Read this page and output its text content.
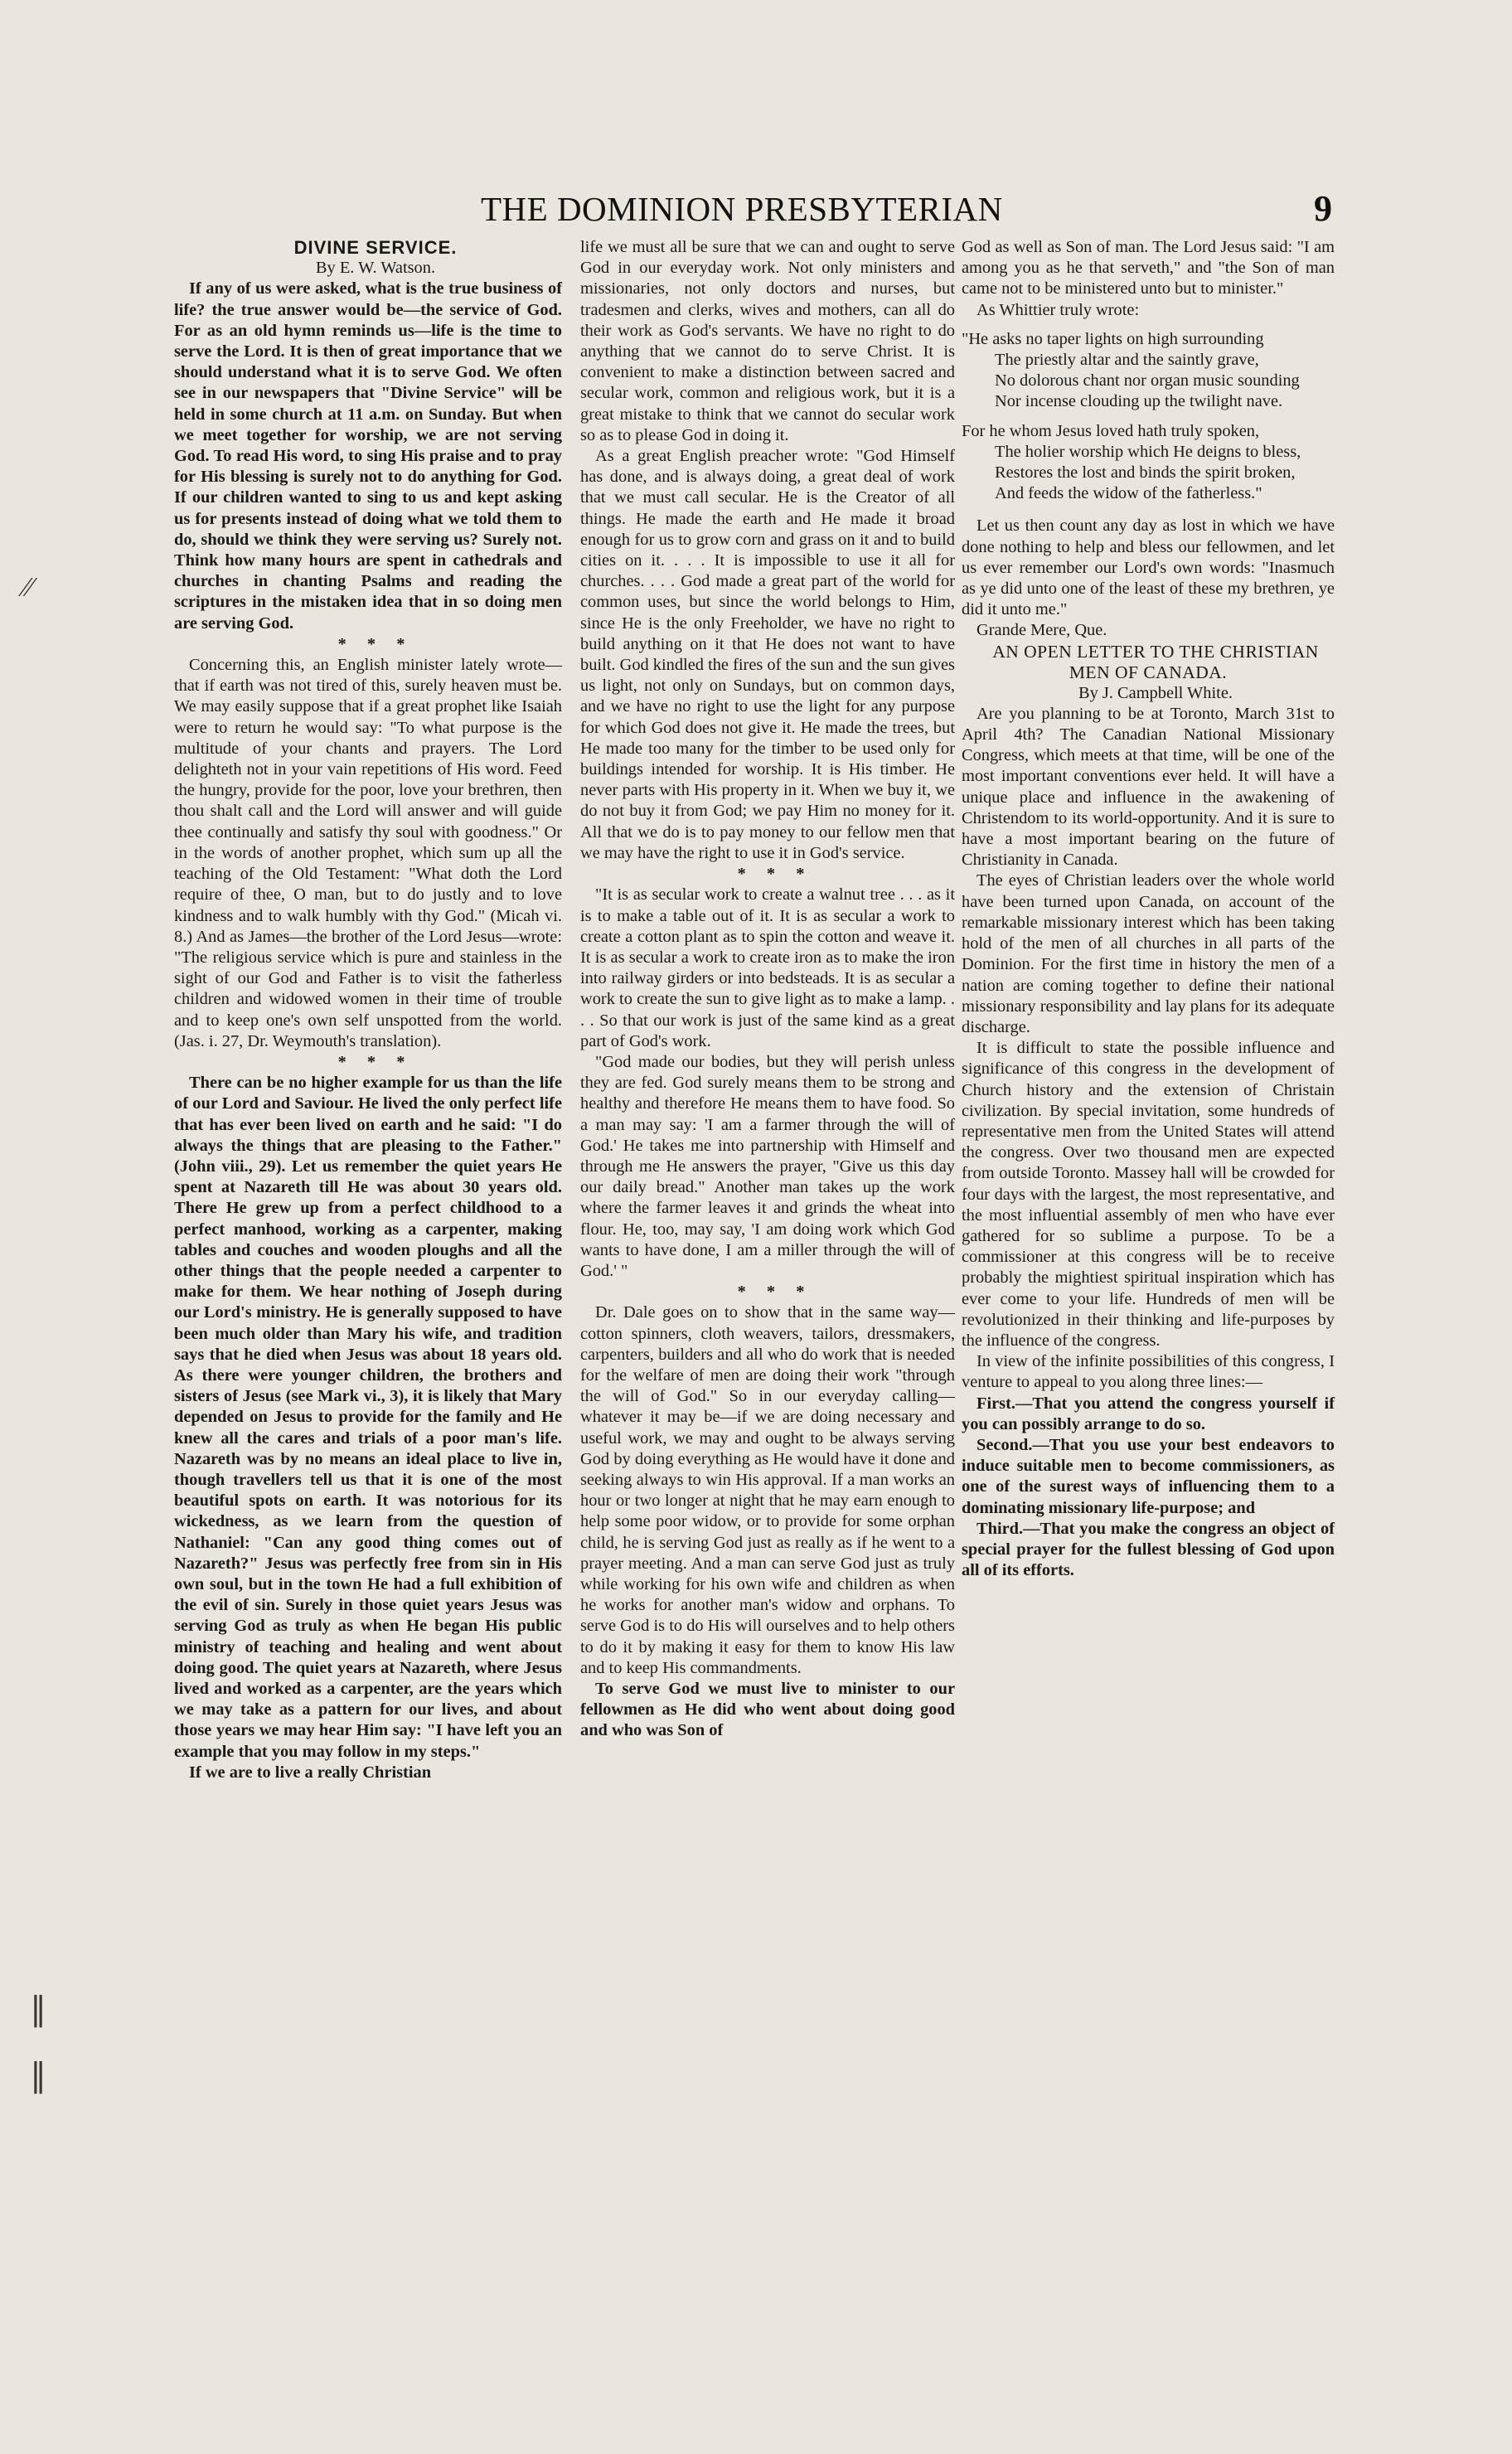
THE DOMINION PRESBYTERIAN	9
⁄⁄
∥
∥

DIVINE SERVICE.

By E. W. Watson.

If any of us were asked, what is the true business of life? the true answer would be—the service of God. For as an old hymn reminds us—life is the time to serve the Lord. It is then of great importance that we should understand what it is to serve God. We often see in our newspapers that "Divine Service" will be held in some church at 11 a.m. on Sunday. But when we meet together for worship, we are not serving God. To read His word, to sing His praise and to pray for His blessing is surely not to do anything for God. If our children wanted to sing to us and kept asking us for presents instead of doing what we told them to do, should we think they were serving us? Surely not. Think how many hours are spent in cathedrals and churches in chanting Psalms and reading the scriptures in the mistaken idea that in so doing men are serving God.

* * *

Concerning this, an English minister lately wrote—that if earth was not tired of this, surely heaven must be. We may easily suppose that if a great prophet like Isaiah were to return he would say: "To what purpose is the multitude of your chants and prayers. The Lord delighteth not in your vain repetitions of His word. Feed the hungry, provide for the poor, love your brethren, then thou shalt call and the Lord will answer and will guide thee continually and satisfy thy soul with goodness." Or in the words of another prophet, which sum up all the teaching of the Old Testament: "What doth the Lord require of thee, O man, but to do justly and to love kindness and to walk humbly with thy God." (Micah vi. 8.) And as James—the brother of the Lord Jesus—wrote: "The religious service which is pure and stainless in the sight of our God and Father is to visit the fatherless children and widowed women in their time of trouble and to keep one's own self unspotted from the world. (Jas. i. 27, Dr. Weymouth's translation).

* * *

There can be no higher example for us than the life of our Lord and Saviour. He lived the only perfect life that has ever been lived on earth and he said: "I do always the things that are pleasing to the Father." (John viii., 29). Let us remember the quiet years He spent at Nazareth till He was about 30 years old. There He grew up from a perfect childhood to a perfect manhood, working as a carpenter, making tables and couches and wooden ploughs and all the other things that the people needed a carpenter to make for them. We hear nothing of Joseph during our Lord's ministry. He is generally supposed to have been much older than Mary his wife, and tradition says that he died when Jesus was about 18 years old. As there were younger children, the brothers and sisters of Jesus (see Mark vi., 3), it is likely that Mary depended on Jesus to provide for the family and He knew all the cares and trials of a poor man's life. Nazareth was by no means an ideal place to live in, though travellers tell us that it is one of the most beautiful spots on earth. It was notorious for its wickedness, as we learn from the question of Nathaniel: "Can any good thing comes out of Nazareth?" Jesus was perfectly free from sin in His own soul, but in the town He had a full exhibition of the evil of sin. Surely in those quiet years Jesus was serving God as truly as when He began His public ministry of teaching and healing and went about doing good. The quiet years at Nazareth, where Jesus lived and worked as a carpenter, are the years which we may take as a pattern for our lives, and about those years we may hear Him say: "I have left you an example that you may follow in my steps."

If we are to live a really Christian

life we must all be sure that we can and ought to serve God in our everyday work. Not only ministers and missionaries, not only doctors and nurses, but tradesmen and clerks, wives and mothers, can all do their work as God's servants. We have no right to do anything that we cannot do to serve Christ. It is convenient to make a distinction between sacred and secular work, common and religious work, but it is a great mistake to think that we cannot do secular work so as to please God in doing it.

As a great English preacher wrote: "God Himself has done, and is always doing, a great deal of work that we must call secular. He is the Creator of all things. He made the earth and He made it broad enough for us to grow corn and grass on it and to build cities on it. . . . It is impossible to use it all for churches. . . . God made a great part of the world for common uses, but since the world belongs to Him, since He is the only Freeholder, we have no right to build anything on it that He does not want to have built. God kindled the fires of the sun and the sun gives us light, not only on Sundays, but on common days, and we have no right to use the light for any purpose for which God does not give it. He made the trees, but He made too many for the timber to be used only for buildings intended for worship. It is His timber. He never parts with His property in it. When we buy it, we do not buy it from God; we pay Him no money for it. All that we do is to pay money to our fellow men that we may have the right to use it in God's service.

* * *

"It is as secular work to create a walnut tree . . . as it is to make a table out of it. It is as secular a work to create a cotton plant as to spin the cotton and weave it. It is as secular a work to create iron as to make the iron into railway girders or into bedsteads. It is as secular a work to create the sun to give light as to make a lamp. . . . So that our work is just of the same kind as a great part of God's work.

"God made our bodies, but they will perish unless they are fed. God surely means them to be strong and healthy and therefore He means them to have food. So a man may say: 'I am a farmer through the will of God.' He takes me into partnership with Himself and through me He answers the prayer, "Give us this day our daily bread." Another man takes up the work where the farmer leaves it and grinds the wheat into flour. He, too, may say, 'I am doing work which God wants to have done, I am a miller through the will of God.' "

* * *

Dr. Dale goes on to show that in the same way—cotton spinners, cloth weavers, tailors, dressmakers, carpenters, builders and all who do work that is needed for the welfare of men are doing their work "through the will of God." So in our everyday calling—whatever it may be—if we are doing necessary and useful work, we may and ought to be always serving God by doing everything as He would have it done and seeking always to win His approval. If a man works an hour or two longer at night that he may earn enough to help some poor widow, or to provide for some orphan child, he is serving God just as really as if he went to a prayer meeting. And a man can serve God just as truly while working for his own wife and children as when he works for another man's widow and orphans. To serve God is to do His will ourselves and to help others to do it by making it easy for them to know His law and to keep His commandments.

To serve God we must live to minister to our fellowmen as He did who went about doing good and who was Son of

God as well as Son of man. The Lord Jesus said: "I am among you as he that serveth," and "the Son of man came not to be ministered unto but to minister."

As Whittier truly wrote:

"He asks no taper lights on high surrounding

The priestly altar and the saintly grave,

No dolorous chant nor organ music sounding

Nor incense clouding up the twilight nave.

For he whom Jesus loved hath truly spoken,

The holier worship which He deigns to bless,

Restores the lost and binds the spirit broken,

And feeds the widow of the fatherless."

Let us then count any day as lost in which we have done nothing to help and bless our fellowmen, and let us ever remember our Lord's own words: "Inasmuch as ye did unto one of the least of these my brethren, ye did it unto me."

Grande Mere, Que.

AN OPEN LETTER TO THE CHRISTIAN MEN OF CANADA.

By J. Campbell White.

Are you planning to be at Toronto, March 31st to April 4th? The Canadian National Missionary Congress, which meets at that time, will be one of the most important conventions ever held. It will have a unique place and influence in the awakening of Christendom to its world-opportunity. And it is sure to have a most important bearing on the future of Christianity in Canada.

The eyes of Christian leaders over the whole world have been turned upon Canada, on account of the remarkable missionary interest which has been taking hold of the men of all churches in all parts of the Dominion. For the first time in history the men of a nation are coming together to define their national missionary responsibility and lay plans for its adequate discharge.

It is difficult to state the possible influence and significance of this congress in the development of Church history and the extension of Christain civilization. By special invitation, some hundreds of representative men from the United States will attend the congress. Over two thousand men are expected from outside Toronto. Massey hall will be crowded for four days with the largest, the most representative, and the most influential assembly of men who have ever gathered for so sublime a purpose. To be a commissioner at this congress will be to receive probably the mightiest spiritual inspiration which has ever come to your life. Hundreds of men will be revolutionized in their thinking and life-purposes by the influence of the congress.

In view of the infinite possibilities of this congress, I venture to appeal to you along three lines:—

First.—That you attend the congress yourself if you can possibly arrange to do so.

Second.—That you use your best endeavors to induce suitable men to become commissioners, as one of the surest ways of influencing them to a dominating missionary life-purpose; and

Third.—That you make the congress an object of special prayer for the fullest blessing of God upon all of its efforts.
